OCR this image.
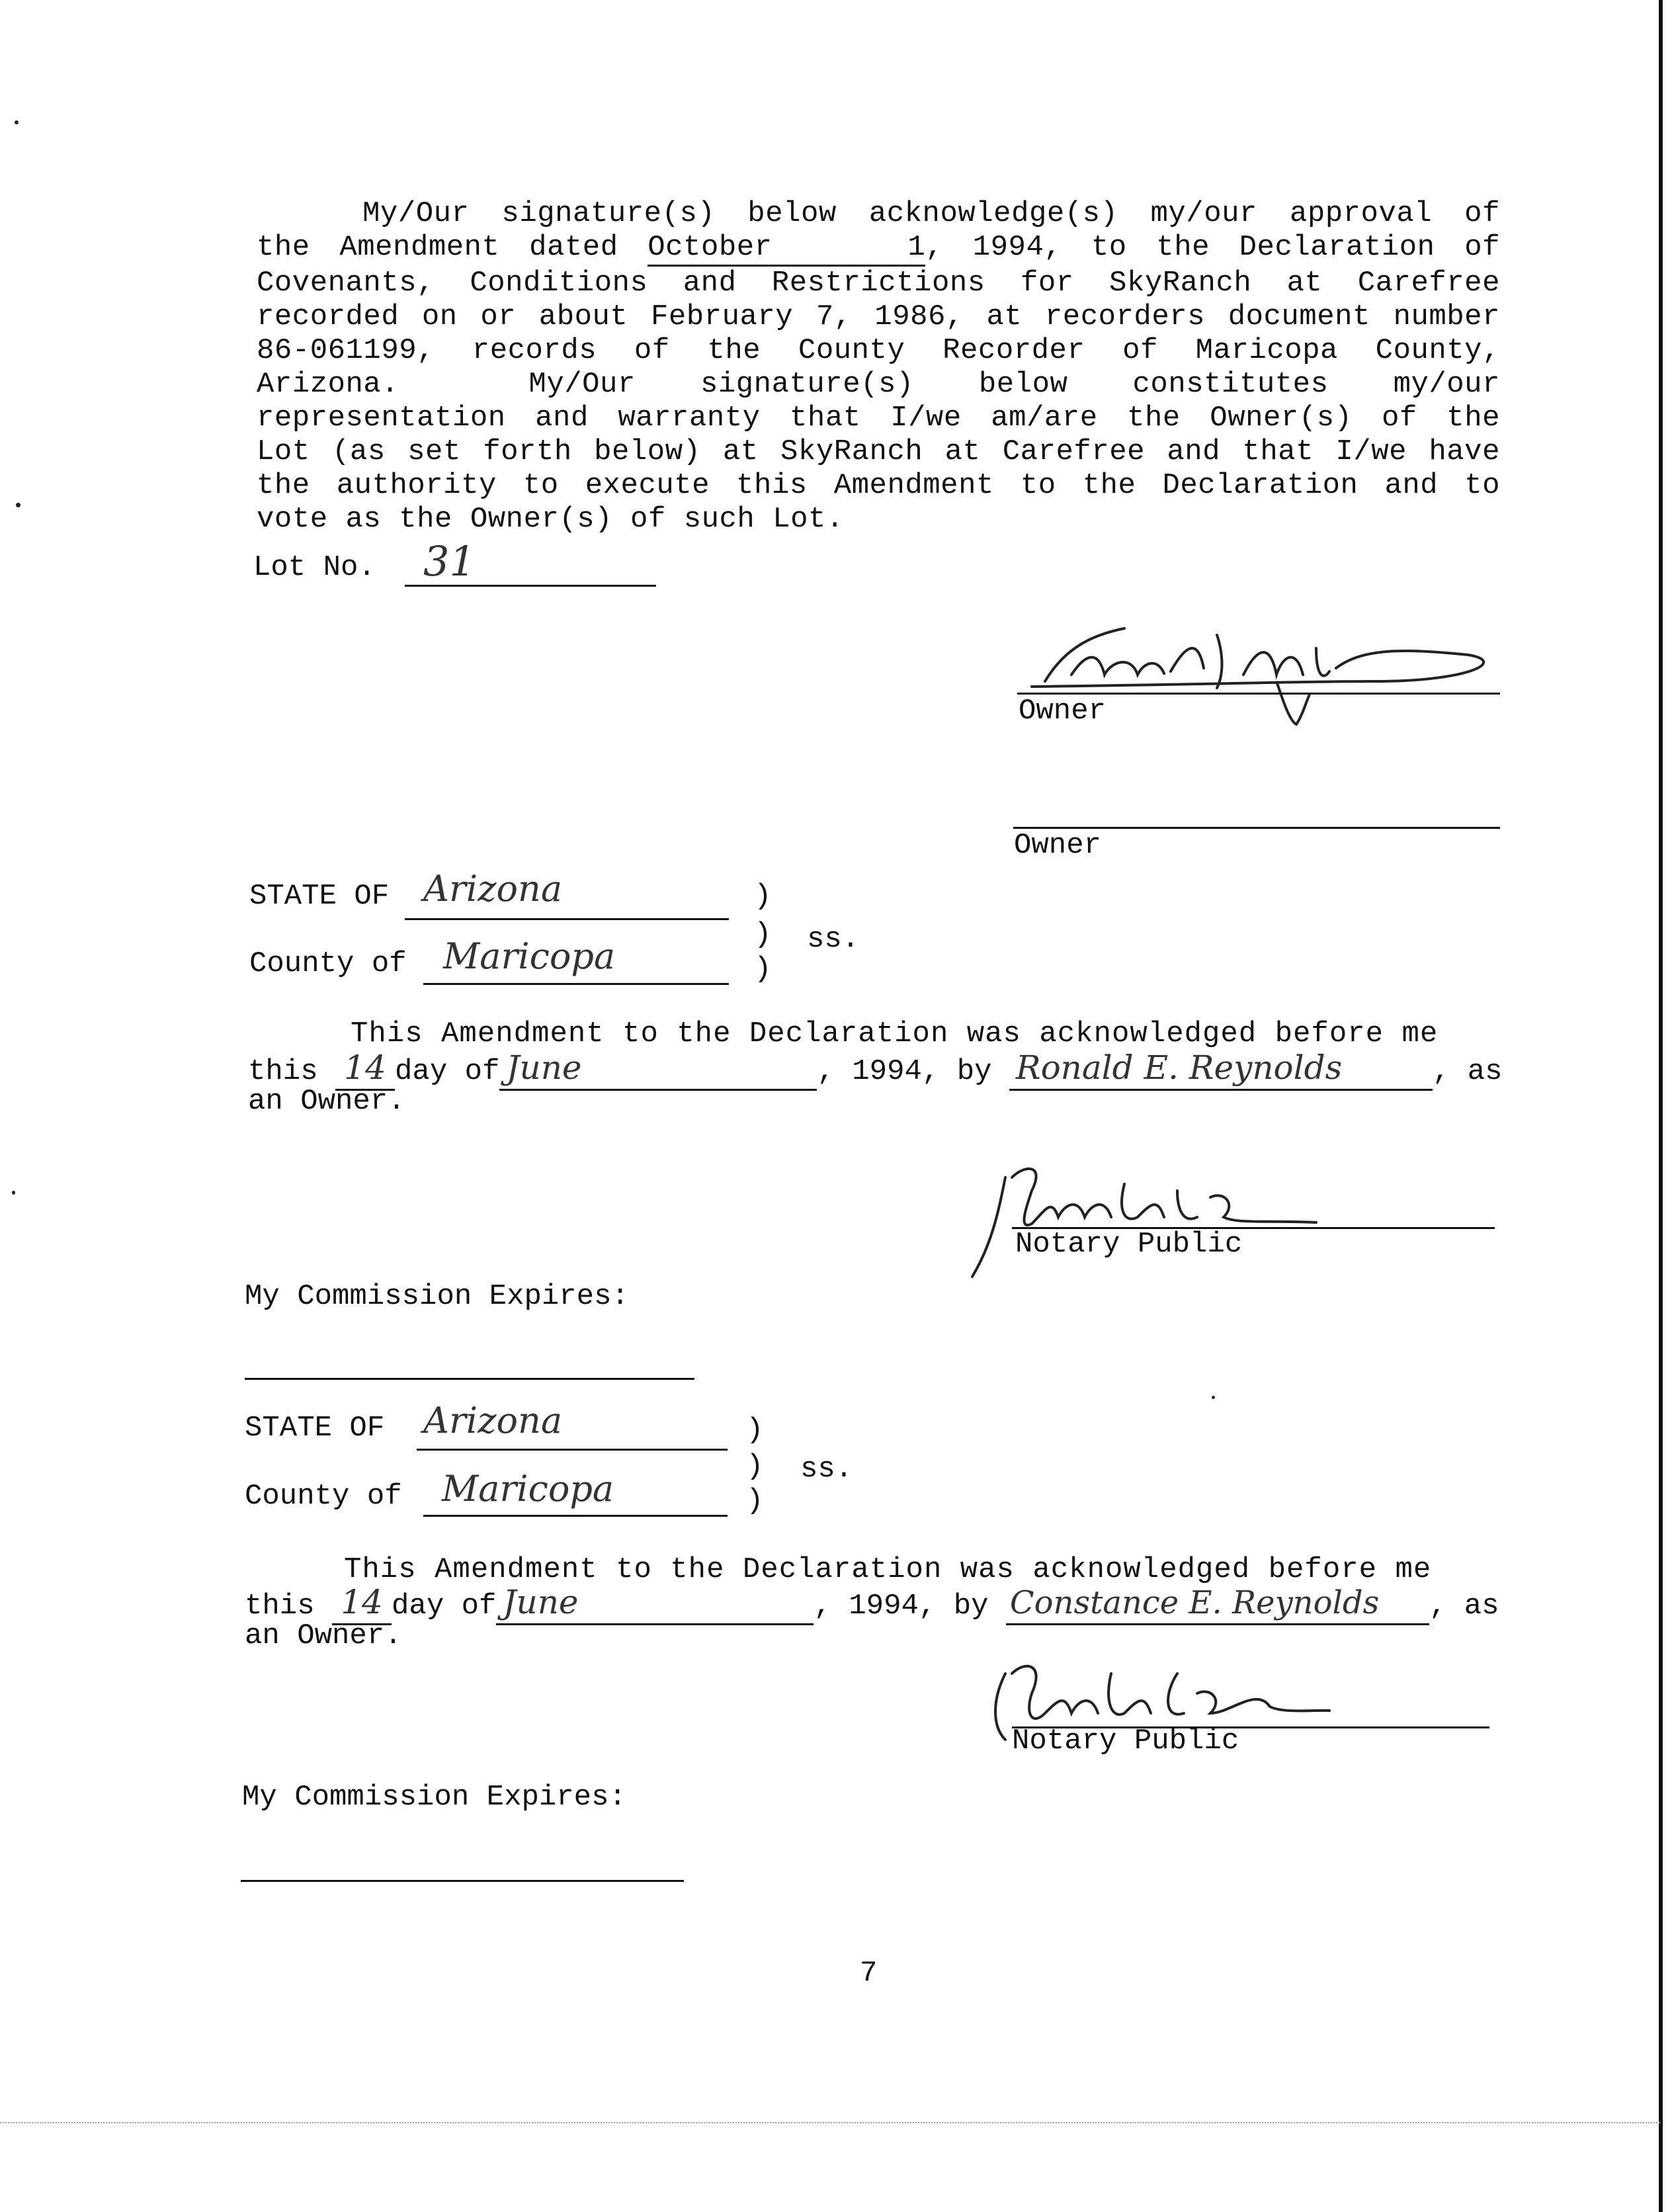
My/Our signature(s) below acknowledge(s) my/our approval of
the Amendment dated October 1, 1994, to the Declaration of
Covenants, Conditions and Restrictions for SkyRanch at Carefree
recorded on or about February 7, 1986, at recorders document number
86-061199, records of the County Recorder of Maricopa County,
Arizona.    My/Our  signature(s)  below  constitutes  my/our
representation and warranty that I/we am/are the Owner(s) of the
Lot (as set forth below) at SkyRanch at Carefree and that I/we have
the authority to execute this Amendment to the Declaration and to
vote as the Owner(s) of such Lot.
Lot No. 31
Owner
Owner
STATE OF Arizona
County of Maricopa
)
)
)
ss.
This Amendment to the Declaration was acknowledged before me
this 14 day of June	, 1994, by Ronald E. Reynolds	, as
an Owner.
Notary Public
My Commission Expires:
STATE OF Arizona
County of Maricopa
)
)
)
ss.
This Amendment to the Declaration was acknowledged before me
this 14 day of June	, 1994, by Constance E. Reynolds , as
an Owner.
Notary Public
My Commission Expires:
7
